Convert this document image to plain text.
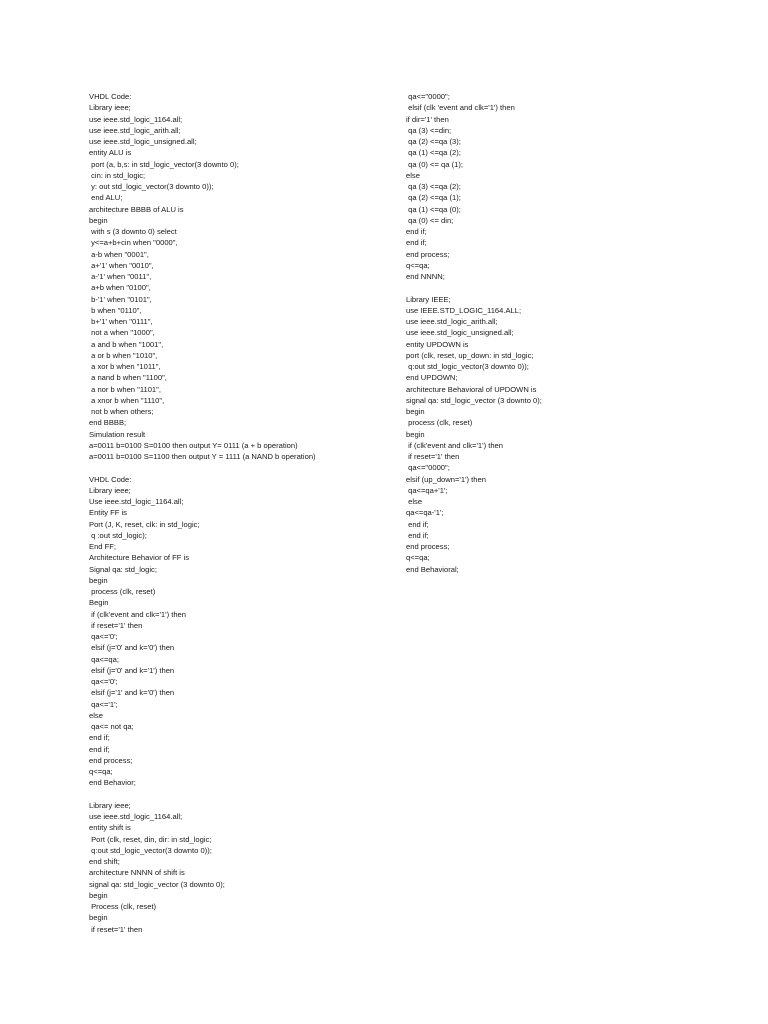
VHDL Code:
Library ieee;
use ieee.std_logic_1164.all;
use ieee.std_logic_arith.all;
use ieee.std_logic_unsigned.all;
entity ALU is
port (a, b,s: in std_logic_vector(3 downto 0);
cin: in std_logic;
y: out std_logic_vector(3 downto 0));
end ALU;
architecture BBBB of ALU is
begin
with s (3 downto 0) select
y<=a+b+cin when "0000",
a-b when "0001",
a+'1' when "0010",
a-'1' when "0011",
a+b when "0100",
b-'1' when "0101",
b when "0110",
b+'1' when "0111",
not a when "1000",
a and b when "1001",
a or b when "1010",
a xor b when "1011",
a nand b when "1100",
a nor b when "1101",
a xnor b when "1110",
not b when others;
end BBBB;
Simulation result
a=0011 b=0100 S=0100 then output Y= 0111 (a + b operation)
a=0011 b=0100 S=1100 then output Y = 1111 (a NAND b operation)
VHDL Code:
Library ieee;
Use ieee.std_logic_1164.all;
Entity FF is
Port (J, K, reset, clk: in std_logic;
q :out std_logic);
End FF;
Architecture Behavior of FF is
Signal qa: std_logic;
begin
process (clk, reset)
Begin
if (clk'event and clk='1') then
if reset='1' then
qa<='0';
elsif (j='0' and k='0') then
qa<=qa;
elsif (j='0' and k='1') then
qa<='0';
elsif (j='1' and k='0') then
qa<='1';
else
qa<= not qa;
end if;
end if;
end process;
q<=qa;
end Behavior;
Library ieee;
use ieee.std_logic_1164.all;
entity shift is
Port (clk, reset, din, dir: in std_logic;
q:out std_logic_vector(3 downto 0));
end shift;
architecture NNNN of shift is
signal qa: std_logic_vector (3 downto 0);
begin
Process (clk, reset)
begin
if reset='1' then
qa<="0000";
elsif (clk 'event and clk='1') then
if dir='1' then
qa (3) <=din;
qa (2) <=qa (3);
qa (1) <=qa (2);
qa (0) <= qa (1);
else
qa (3) <=qa (2);
qa (2) <=qa (1);
qa (1) <=qa (0);
qa (0) <= din;
end if;
end if;
end process;
q<=qa;
end NNNN;
Library IEEE;
use IEEE.STD_LOGIC_1164.ALL;
use ieee.std_logic_arith.all;
use ieee.std_logic_unsigned.all;
entity UPDOWN is
port (clk, reset, up_down: in std_logic;
q:out std_logic_vector(3 downto 0));
end UPDOWN;
architecture Behavioral of UPDOWN is
signal qa: std_logic_vector (3 downto 0);
begin
process (clk, reset)
begin
if (clk'event and clk='1') then
if reset='1' then
qa<="0000";
elsif (up_down='1') then
qa<=qa+'1';
else
qa<=qa-'1';
end if;
end if;
end process;
q<=qa;
end Behavioral;
